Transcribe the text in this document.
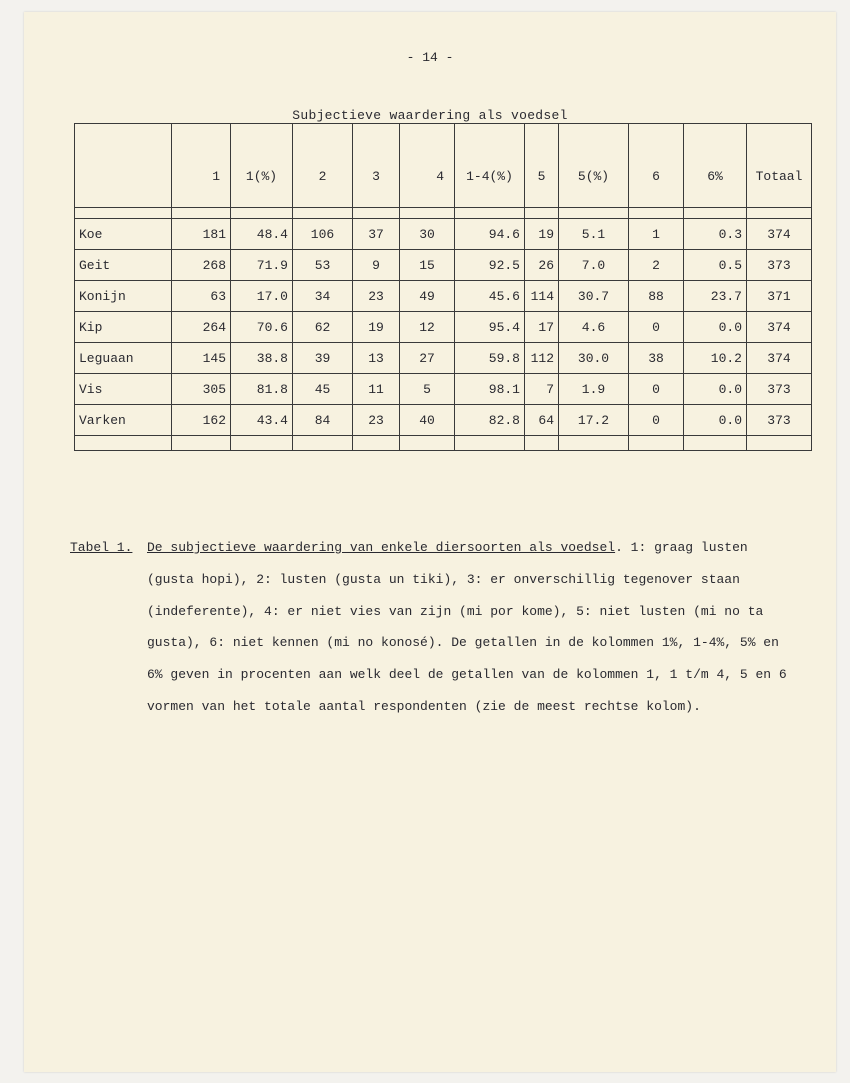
- 14 -
Subjectieve waardering als voedsel
	1	1(%)	2	3	4	1-4(%)	5	5(%)	6	6%	Totaal

Koe	181	48.4	106	37	30	94.6	19	5.1	1	0.3	374
Geit	268	71.9	53	9	15	92.5	26	7.0	2	0.5	373
Konijn	63	17.0	34	23	49	45.6	114	30.7	88	23.7	371
Kip	264	70.6	62	19	12	95.4	17	4.6	0	0.0	374
Leguaan	145	38.8	39	13	27	59.8	112	30.0	38	10.2	374
Vis	305	81.8	45	11	5	98.1	7	1.9	0	0.0	373
Varken	162	43.4	84	23	40	82.8	64	17.2	0	0.0	373

Tabel 1. De subjectieve waardering van enkele diersoorten als voedsel. 1: graag lusten (gusta hopi), 2: lusten (gusta un tiki), 3: er onverschillig tegenover staan (indeferente), 4: er niet vies van zijn (mi por kome), 5: niet lusten (mi no ta gusta), 6: niet kennen (mi no konosé). De getallen in de kolommen 1%, 1-4%, 5% en 6% geven in procenten aan welk deel de getallen van de kolommen 1, 1 t/m 4, 5 en 6 vormen van het totale aantal respondenten (zie de meest rechtse kolom).
